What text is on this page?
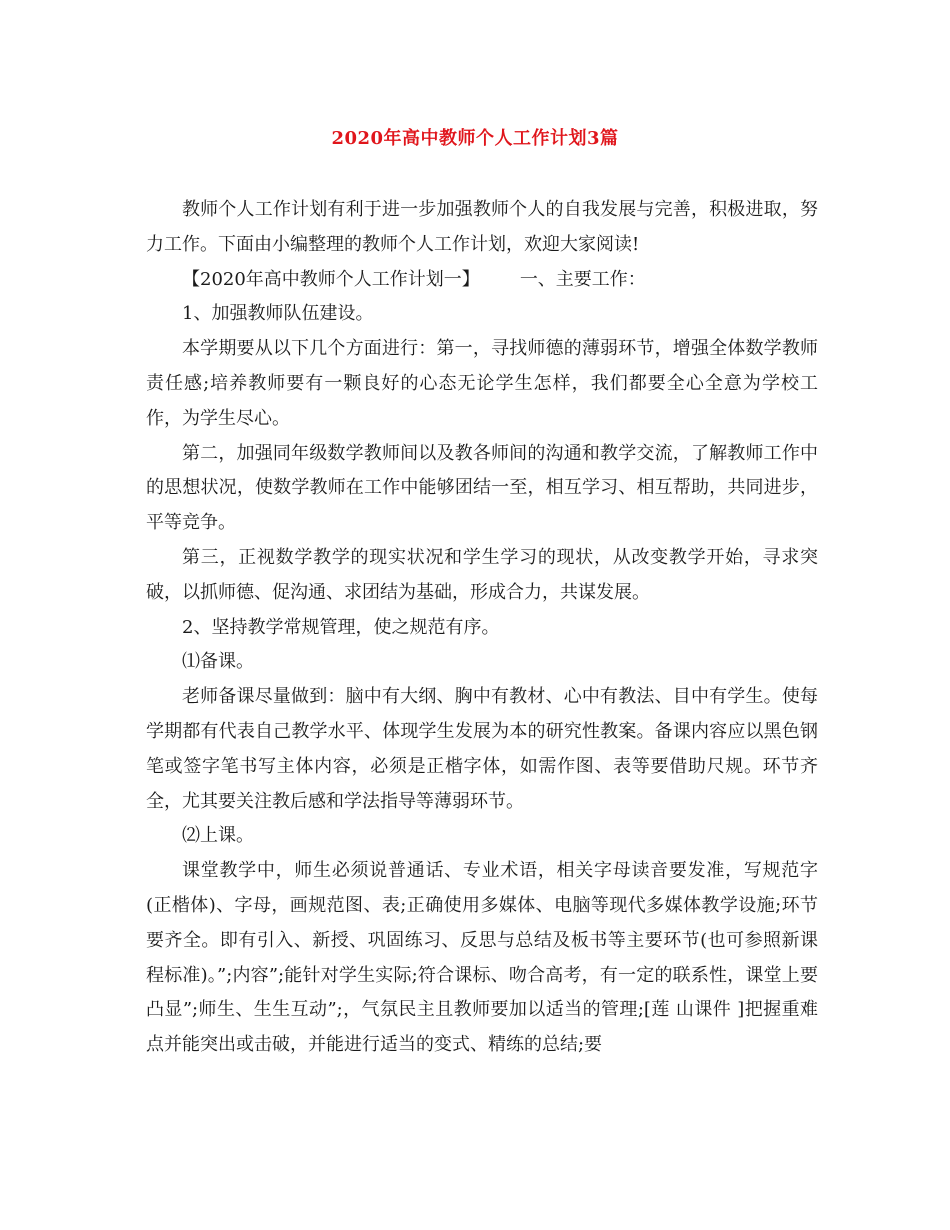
2020年高中教师个人工作计划3篇

教师个人工作计划有利于进一步加强教师个人的自我发展与完善，积极进取，努力工作。下面由小编整理的教师个人工作计划，欢迎大家阅读!

【2020年高中教师个人工作计划一】 一、主要工作：

1、加强教师队伍建设。

本学期要从以下几个方面进行：第一，寻找师德的薄弱环节，增强全体数学教师责任感;培养教师要有一颗良好的心态无论学生怎样，我们都要全心全意为学校工作，为学生尽心。

第二，加强同年级数学教师间以及教各师间的沟通和教学交流，了解教师工作中的思想状况，使数学教师在工作中能够团结一至，相互学习、相互帮助，共同进步，平等竞争。

第三，正视数学教学的现实状况和学生学习的现状，从改变教学开始，寻求突破，以抓师德、促沟通、求团结为基础，形成合力，共谋发展。

2、坚持教学常规管理，使之规范有序。

⑴备课。

老师备课尽量做到：脑中有大纲、胸中有教材、心中有教法、目中有学生。使每学期都有代表自己教学水平、体现学生发展为本的研究性教案。备课内容应以黑色钢笔或签字笔书写主体内容，必须是正楷字体，如需作图、表等要借助尺规。环节齐全，尤其要关注教后感和学法指导等薄弱环节。

⑵上课。

课堂教学中，师生必须说普通话、专业术语，相关字母读音要发准，写规范字(正楷体)、字母，画规范图、表;正确使用多媒体、电脑等现代多媒体教学设施;环节要齐全。即有引入、新授、巩固练习、反思与总结及板书等主要环节(也可参照新课程标准)。”;内容”;能针对学生实际;符合课标、吻合高考，有一定的联系性，课堂上要凸显”;师生、生生互动”;，气氛民主且教师要加以适当的管理;[莲 山课件 ]把握重难点并能突出或击破，并能进行适当的变式、精练的总结;要
